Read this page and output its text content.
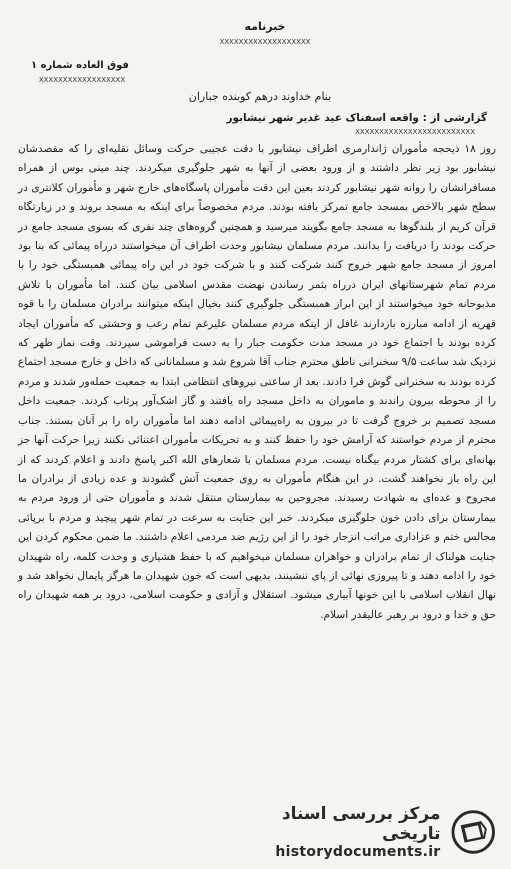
خبرنامه
XXXXXXXXXXXXXXXXXXX
فوق العاده شماره ۱
XXXXXXXXXXXXXXXXXX
بنام خداوند درهم کوبنده جباران
گزارشی از : واقعه اسفناک عید غدیر شهر نیشابور
XXXXXXXXXXXXXXXXXXXXXXXXX

روز ۱۸ ذیحجه مأموران ژاندارمری اطراف نیشابور با دقت عجیبی حرکت وسائل نقلیه‌ای را که مقصدشان نیشابور بود زیر نظر داشتند و از ورود بعضی از آنها به شهر جلوگیری میکردند. چند مینی بوس از همراه مسافرانشان را روانه شهر نیشابور کردند بعین این دقت مأموران پاسگاه‌های خارج شهر و مأموران کلانتری در سطح شهر بالاخص بمسجد جامع تمرکز یافته بودند. مردم مخصوصاً برای اینکه به مسجد بروند و در زیارتگاه قرآن کریم از بلندگوها به مسجد جامع بگویند میرسید و همچنین گروه‌های چند نفری که بسوی مسجد جامع در حرکت بودند را دریافت را بدانند. مردم مسلمان نیشابور وحدت اطراف آن میخواستند درراه پیمائی که بنا بود امروز از مسجد جامع شهر خروج کنند شرکت کنند و با شرکت خود در این راه پیمائی همبستگی خود را با مردم تمام شهرستانهای ایران درراه بثمر رساندن نهضت مقدس اسلامی بیان کنند. اما مأموران با تلاش مذبوحانه خود میخواستند از این ابراز همبستگی جلوگیری کنند بخیال اینکه میتوانند برادران مسلمان را با قوه قهریه از ادامه مبارزه بازدارند غافل از اینکه مردم مسلمان علیرغم تمام رعب و وحشتی که مأموران ایجاد کرده بودند با اجتماع خود در مسجد مدت حکومت جبار را به دست فراموشی سپردند. وقت نماز ظهر که نزدیک شد ساعت ۹/۵ سخنرانی ناطق محترم جناب آقا شروع شد و مسلمانانی که داخل و خارج مسجد اجتماع کرده بودند به سخنرانی گوش فرا دادند. بعد از ساعتی نیروهای انتظامی ابتدا به جمعیت حمله‌ور شدند و مردم را از محوطه بیرون راندند و ماموران به داخل مسجد راه یافتند و گاز اشک‌آور پرتاب کردند. جمعیت داخل مسجد تصمیم بر خروج گرفت تا در بیرون به راه‌پیمائی ادامه دهند اما مأموران راه را بر آنان بستند. جناب محترم از مردم خواستند که آرامش خود را حفظ کنند و به تحریکات مأموران اعتنائی نکنند زیرا حرکت آنها جز بهانه‌ای برای کشتار مردم بیگناه نیست. مردم مسلمان با شعارهای الله اکبر پاسخ دادند و اعلام کردند که از این راه باز نخواهند گشت. در این هنگام مأموران به روی جمعیت آتش گشودند و عده زیادی از برادران ما مجروح و عده‌ای به شهادت رسیدند. مجروحین به بیمارستان منتقل شدند و مأموران حتی از ورود مردم به بیمارستان برای دادن خون جلوگیری میکردند. خبر این جنایت به سرعت در تمام شهر پیچید و مردم با برپائی مجالس ختم و عزاداری مراتب انزجار خود را از این رژیم ضد مردمی اعلام داشتند. ما ضمن محکوم کردن این جنایت هولناک از تمام برادران و خواهران مسلمان میخواهیم که با حفظ هشیاری و وحدت کلمه، راه شهیدان خود را ادامه دهند و تا پیروزی نهائی از پای ننشینند. بدیهی است که خون شهیدان ما هرگز پایمال نخواهد شد و نهال انقلاب اسلامی با این خونها آبیاری میشود. استقلال و آزادی و حکومت اسلامی، درود بر همه شهیدان راه حق و خدا و درود بر رهبر عالیقدر اسلام.

مرکز بررسی اسناد تاریخی
historydocuments.ir
